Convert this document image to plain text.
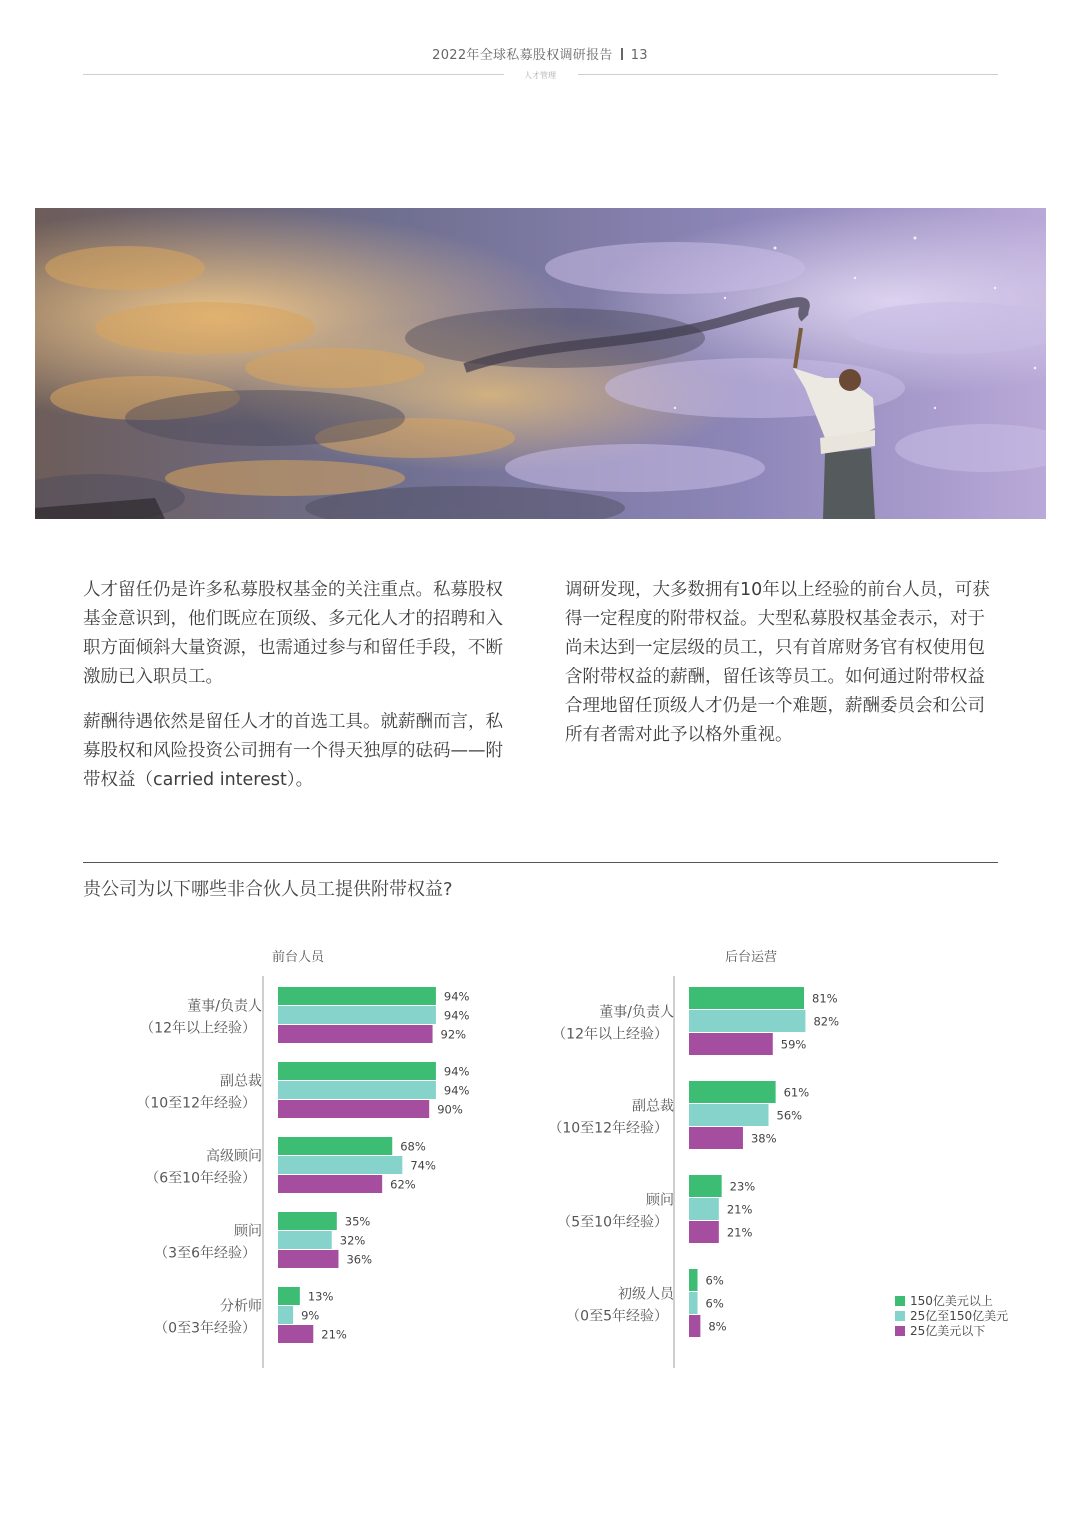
2022年全球私募股权调研报告 13
人才管理

人才留任仍是许多私募股权基金的关注重点。私募股权基金意识到，他们既应在顶级、多元化人才的招聘和入职方面倾斜大量资源，也需通过参与和留任手段，不断激励已入职员工。

薪酬待遇依然是留任人才的首选工具。就薪酬而言，私募股权和风险投资公司拥有一个得天独厚的砝码——附带权益（carried interest）。

调研发现，大多数拥有10年以上经验的前台人员，可获得一定程度的附带权益。大型私募股权基金表示，对于尚未达到一定层级的员工，只有首席财务官有权使用包含附带权益的薪酬，留任该等员工。如何通过附带权益合理地留任顶级人才仍是一个难题，薪酬委员会和公司所有者需对此予以格外重视。

贵公司为以下哪些非合伙人员工提供附带权益?
前台人员
董事/负责人
（12年以上经验）
94%
94%
92%
副总裁
（10至12年经验）
94%
94%
90%
高级顾问
（6至10年经验）
68%
74%
62%
顾问
（3至6年经验）
35%
32%
36%
分析师
（0至3年经验）
13%
9%
21%
后台运营
董事/负责人
（12年以上经验）
81%
82%
59%
副总裁
（10至12年经验）
61%
56%
38%
顾问
（5至10年经验）
23%
21%
21%
初级人员
（0至5年经验）
6%
6%
8%
150亿美元以上
25亿至150亿美元
25亿美元以下
